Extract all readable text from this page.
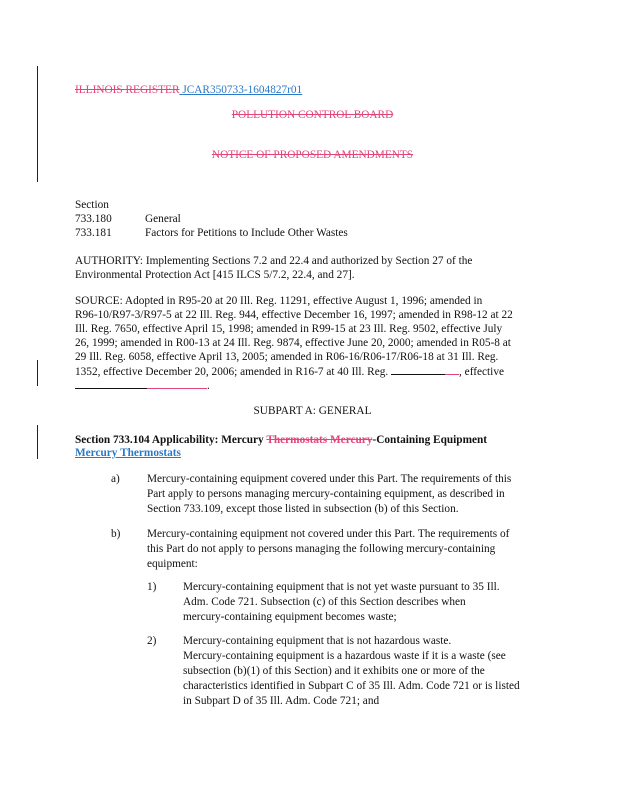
ILLINOIS REGISTER JCAR350733-1604827r01
POLLUTION CONTROL BOARD
NOTICE OF PROPOSED AMENDMENTS
Section
733.180	General
733.181	Factors for Petitions to Include Other Wastes
AUTHORITY: Implementing Sections 7.2 and 22.4 and authorized by Section 27 of the
Environmental Protection Act [415 ILCS 5/7.2, 22.4, and 27].
SOURCE: Adopted in R95-20 at 20 Ill. Reg. 11291, effective August 1, 1996; amended in
R96-10/R97-3/R97-5 at 22 Ill. Reg. 944, effective December 16, 1997; amended in R98-12 at 22
Ill. Reg. 7650, effective April 15, 1998; amended in R99-15 at 23 Ill. Reg. 9502, effective July
26, 1999; amended in R00-13 at 24 Ill. Reg. 9874, effective June 20, 2000; amended in R05-8 at
29 Ill. Reg. 6058, effective April 13, 2005; amended in R06-16/R06-17/R06-18 at 31 Ill. Reg.
1352, effective December 20, 2006; amended in R16-7 at 40 Ill. Reg.	, effective
.
SUBPART A: GENERAL
Section 733.104 Applicability: Mercury Thermostats Mercury-Containing Equipment
Mercury Thermostats
a) Mercury-containing equipment covered under this Part. The requirements of this
Part apply to persons managing mercury-containing equipment, as described in
Section 733.109, except those listed in subsection (b) of this Section.
b) Mercury-containing equipment not covered under this Part. The requirements of
this Part do not apply to persons managing the following mercury-containing
equipment:
1) Mercury-containing equipment that is not yet waste pursuant to 35 Ill.
Adm. Code 721. Subsection (c) of this Section describes when
mercury-containing equipment becomes waste;
2) Mercury-containing equipment that is not hazardous waste.
Mercury-containing equipment is a hazardous waste if it is a waste (see
subsection (b)(1) of this Section) and it exhibits one or more of the
characteristics identified in Subpart C of 35 Ill. Adm. Code 721 or is listed
in Subpart D of 35 Ill. Adm. Code 721; and
